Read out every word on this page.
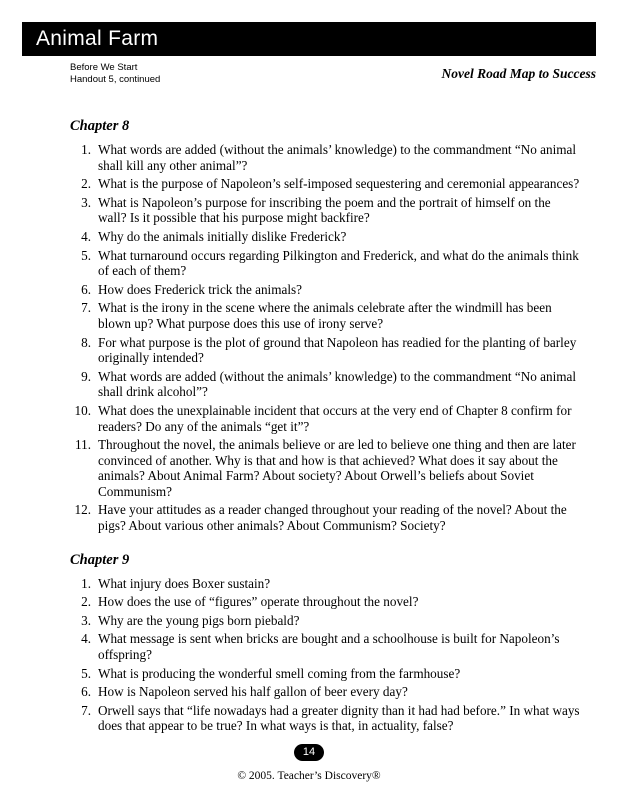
Animal Farm
Before We Start
Handout 5, continued	Novel Road Map to Success
Chapter 8
1. What words are added (without the animals’ knowledge) to the commandment “No animal shall kill any other animal”?
2. What is the purpose of Napoleon’s self-imposed sequestering and ceremonial appearances?
3. What is Napoleon’s purpose for inscribing the poem and the portrait of himself on the wall? Is it possible that his purpose might backfire?
4. Why do the animals initially dislike Frederick?
5. What turnaround occurs regarding Pilkington and Frederick, and what do the animals think of each of them?
6. How does Frederick trick the animals?
7. What is the irony in the scene where the animals celebrate after the windmill has been blown up? What purpose does this use of irony serve?
8. For what purpose is the plot of ground that Napoleon has readied for the planting of barley originally intended?
9. What words are added (without the animals’ knowledge) to the commandment “No animal shall drink alcohol”?
10. What does the unexplainable incident that occurs at the very end of Chapter 8 confirm for readers? Do any of the animals “get it”?
11. Throughout the novel, the animals believe or are led to believe one thing and then are later convinced of another. Why is that and how is that achieved? What does it say about the animals? About Animal Farm? About society? About Orwell’s beliefs about Soviet Communism?
12. Have your attitudes as a reader changed throughout your reading of the novel? About the pigs? About various other animals? About Communism? Society?
Chapter 9
1. What injury does Boxer sustain?
2. How does the use of “figures” operate throughout the novel?
3. Why are the young pigs born piebald?
4. What message is sent when bricks are bought and a schoolhouse is built for Napoleon’s offspring?
5. What is producing the wonderful smell coming from the farmhouse?
6. How is Napoleon served his half gallon of beer every day?
7. Orwell says that “life nowadays had a greater dignity than it had had before.” In what ways does that appear to be true? In what ways is that, in actuality, false?
14
© 2005. Teacher’s Discovery®
